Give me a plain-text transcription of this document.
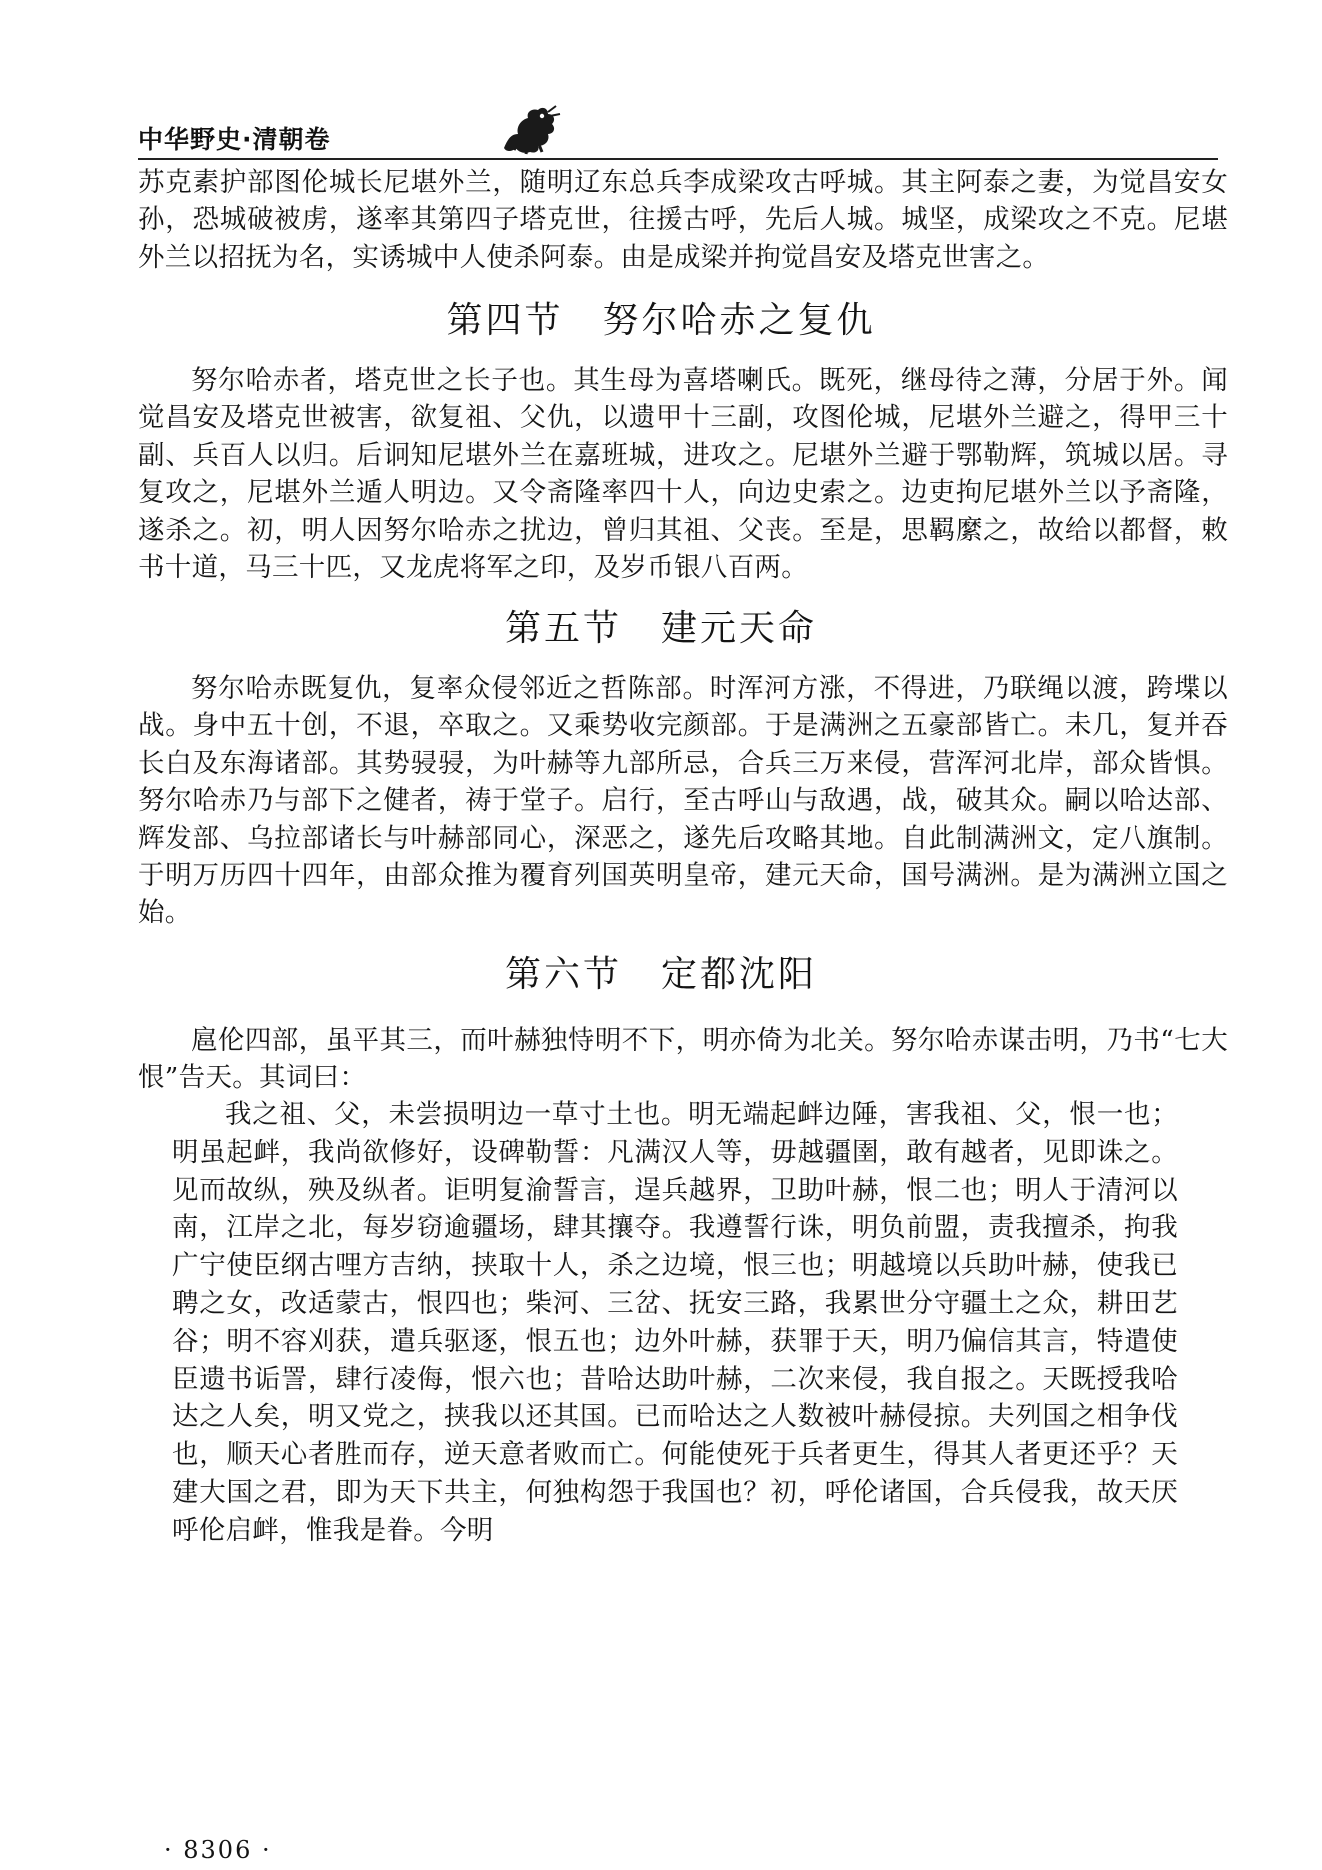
中华野史·清朝卷

苏克素护部图伦城长尼堪外兰，随明辽东总兵李成梁攻古呼城。其主阿泰之妻，为觉昌安女孙，恐城破被虏，遂率其第四子塔克世，往援古呼，先后人城。城坚，成梁攻之不克。尼堪外兰以招抚为名，实诱城中人使杀阿泰。由是成梁并拘觉昌安及塔克世害之。

第四节　努尔哈赤之复仇

努尔哈赤者，塔克世之长子也。其生母为喜塔喇氏。既死，继母待之薄，分居于外。闻觉昌安及塔克世被害，欲复祖、父仇，以遗甲十三副，攻图伦城，尼堪外兰避之，得甲三十副、兵百人以归。后诇知尼堪外兰在嘉班城，进攻之。尼堪外兰避于鄂勒辉，筑城以居。寻复攻之，尼堪外兰遁人明边。又令斋隆率四十人，向边史索之。边吏拘尼堪外兰以予斋隆，遂杀之。初，明人因努尔哈赤之扰边，曾归其祖、父丧。至是，思羁縻之，故给以都督，敕书十道，马三十匹，又龙虎将军之印，及岁币银八百两。

第五节　建元天命

努尔哈赤既复仇，复率众侵邻近之哲陈部。时浑河方涨，不得进，乃联绳以渡，跨堞以战。身中五十创，不退，卒取之。又乘势收完颜部。于是满洲之五豪部皆亡。未几，复并吞长白及东海诸部。其势骎骎，为叶赫等九部所忌，合兵三万来侵，营浑河北岸，部众皆惧。努尔哈赤乃与部下之健者，祷于堂子。启行，至古呼山与敌遇，战，破其众。嗣以哈达部、辉发部、乌拉部诸长与叶赫部同心，深恶之，遂先后攻略其地。自此制满洲文，定八旗制。于明万历四十四年，由部众推为覆育列国英明皇帝，建元天命，国号满洲。是为满洲立国之始。

第六节　定都沈阳

扈伦四部，虽平其三，而叶赫独恃明不下，明亦倚为北关。努尔哈赤谋击明，乃书“七大恨”告天。其词曰：

我之祖、父，未尝损明边一草寸土也。明无端起衅边陲，害我祖、父，恨一也；明虽起衅，我尚欲修好，设碑勒誓：凡满汉人等，毋越疆圉，敢有越者，见即诛之。见而故纵，殃及纵者。讵明复渝誓言，逞兵越界，卫助叶赫，恨二也；明人于清河以南，江岸之北，每岁窃逾疆场，肆其攘夺。我遵誓行诛，明负前盟，责我擅杀，拘我广宁使臣纲古哩方吉纳，挟取十人，杀之边境，恨三也；明越境以兵助叶赫，使我已聘之女，改适蒙古，恨四也；柴河、三岔、抚安三路，我累世分守疆土之众，耕田艺谷；明不容刈获，遣兵驱逐，恨五也；边外叶赫，获罪于天，明乃偏信其言，特遣使臣遗书诟詈，肆行凌侮，恨六也；昔哈达助叶赫，二次来侵，我自报之。天既授我哈达之人矣，明又党之，挟我以还其国。已而哈达之人数被叶赫侵掠。夫列国之相争伐也，顺天心者胜而存，逆天意者败而亡。何能使死于兵者更生，得其人者更还乎？天建大国之君，即为天下共主，何独构怨于我国也？初，呼伦诸国，合兵侵我，故天厌呼伦启衅，惟我是眷。今明

· 8306 ·
